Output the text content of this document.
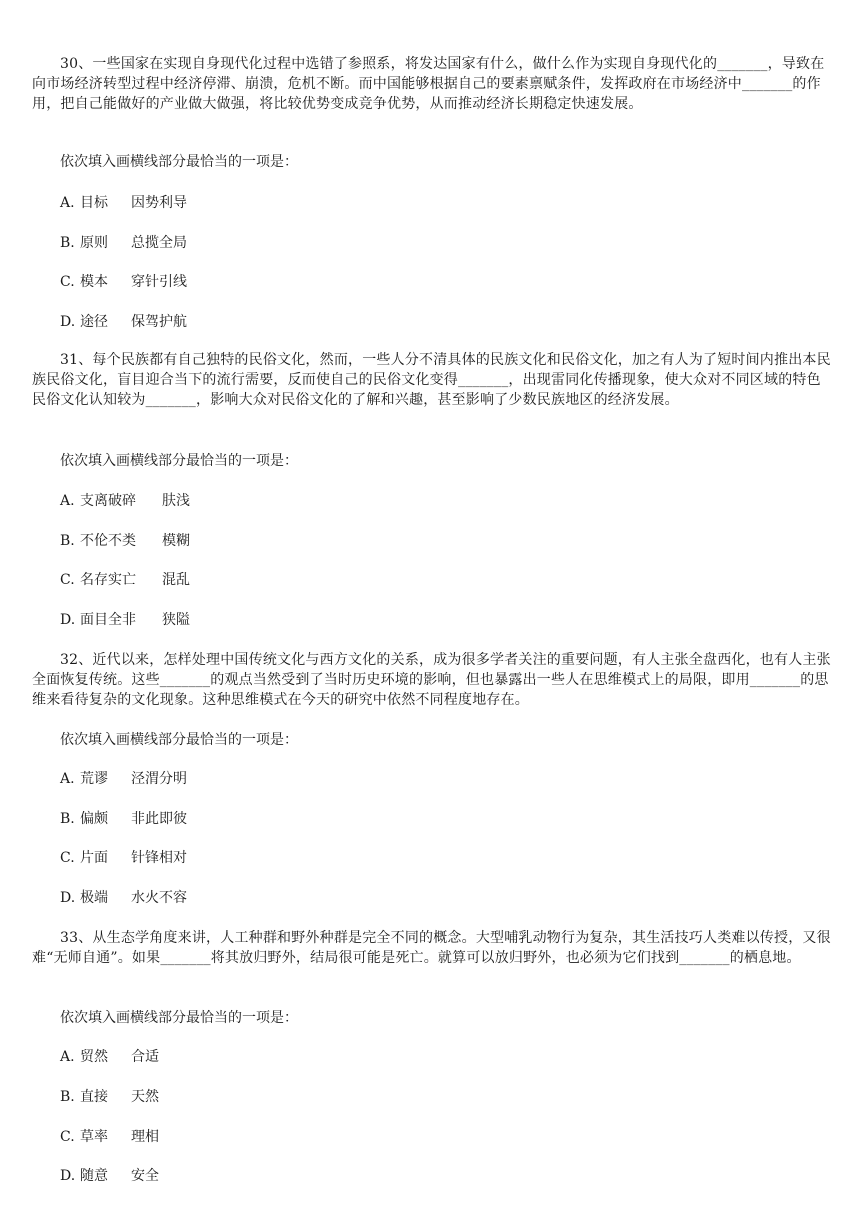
30、一些国家在实现自身现代化过程中选错了参照系，将发达国家有什么，做什么作为实现自身现代化的_______，导致在向市场经济转型过程中经济停滞、崩溃，危机不断。而中国能够根据自己的要素禀赋条件，发挥政府在市场经济中_______的作用，把自己能做好的产业做大做强，将比较优势变成竞争优势，从而推动经济长期稳定快速发展。

依次填入画横线部分最恰当的一项是：

A. 目标 因势利导
B. 原则 总揽全局
C. 模本 穿针引线
D. 途径 保驾护航

31、每个民族都有自己独特的民俗文化，然而，一些人分不清具体的民族文化和民俗文化，加之有人为了短时间内推出本民族民俗文化，盲目迎合当下的流行需要，反而使自己的民俗文化变得_______，出现雷同化传播现象，使大众对不同区域的特色民俗文化认知较为_______，影响大众对民俗文化的了解和兴趣，甚至影响了少数民族地区的经济发展。

依次填入画横线部分最恰当的一项是：

A. 支离破碎 肤浅
B. 不伦不类 模糊
C. 名存实亡 混乱
D. 面目全非 狭隘

32、近代以来，怎样处理中国传统文化与西方文化的关系，成为很多学者关注的重要问题，有人主张全盘西化，也有人主张全面恢复传统。这些_______的观点当然受到了当时历史环境的影响，但也暴露出一些人在思维模式上的局限，即用_______的思维来看待复杂的文化现象。这种思维模式在今天的研究中依然不同程度地存在。

依次填入画横线部分最恰当的一项是：

A. 荒谬 泾渭分明
B. 偏颇 非此即彼
C. 片面 针锋相对
D. 极端 水火不容

33、从生态学角度来讲，人工种群和野外种群是完全不同的概念。大型哺乳动物行为复杂，其生活技巧人类难以传授，又很难“无师自通”。如果_______将其放归野外，结局很可能是死亡。就算可以放归野外，也必须为它们找到_______的栖息地。

依次填入画横线部分最恰当的一项是：

A. 贸然 合适
B. 直接 天然
C. 草率 理相
D. 随意 安全
